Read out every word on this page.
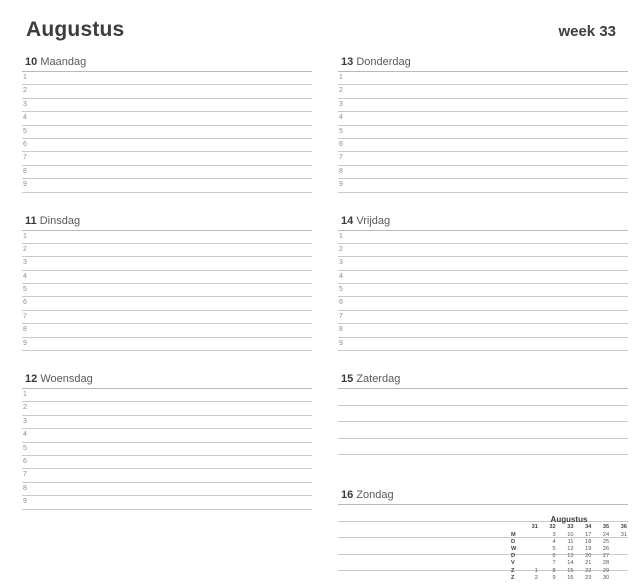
Augustus	week 33
10 Maandag
1
2
3
4
5
6
7
8
9
11 Dinsdag
1
2
3
4
5
6
7
8
9
12 Woensdag
1
2
3
4
5
6
7
8
9
13 Donderdag
1
2
3
4
5
6
7
8
9
14 Vrijdag
1
2
3
4
5
6
7
8
9
15 Zaterdag
16 Zondag
Augustus
	31	32	33	34	35	36
M		3	10	17	24	31
D		4	11	18	25	
W		5	12	19	26	
D		6	13	20	27	
V		7	14	21	28	
Z	1	8	15	22	29	
Z	2	9	16	23	30	
